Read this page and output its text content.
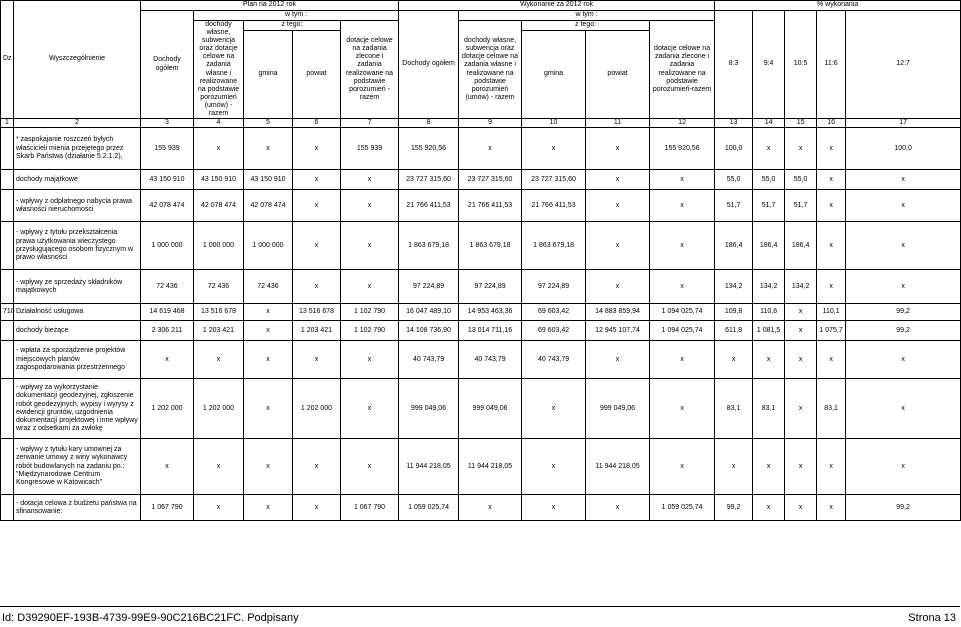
Dz	Wyszczególnienie	Plan na 2012 rok					Wykonanie za 2012 rok					% wykonania				
		Dochody ogółem	w tym :				Dochody ogółem	w tym :				8:3	9:4	10:5	11:6	12:7
			dochody własne, subwencja oraz dotacje celowe na zadania własne i realizowane na podstawie porozumień (umów) - razem	z tego:		dotacje celowe na zadania zlecone i zadania realizowane na podstawie porozumień - razem		dochody własne, subwencja oraz dotacje celowe na zadania własne i realizowane na podstawie porozumień (umów) - razem	z tego:		dotacje celowe na zadania zlecone i zadania realizowane na podstawie porozumień-razem					
				gmina	powiat				gmina	powiat						
1	2	3	4	5	6	7	8	9	10	11	12	13	14	15	16	17
	* zaspokajanie roszczeń byłych właścicieli mienia przejętego przez Skarb Państwa (działanie 5.2.1.2),	155 939	x	x	x	155 939	155 920,56	x	x	x	155 920,56	100,0	x	x	x	100,0
	dochody majątkowe	43 150 910	43 150 910	43 150 910	x	x	23 727 315,60	23 727 315,60	23 727 315,60	x	x	55,0	55,0	55,0	x	x
	- wpływy z odpłatnego nabycia prawa własności nieruchomości	42 078 474	42 078 474	42 078 474	x	x	21 766 411,53	21 766 411,53	21 766 411,53	x	x	51,7	51,7	51,7	x	x
	- wpływy z tytułu przekształcenia prawa użytkowania wieczystego przysługującego osobom fizycznym w prawo własności	1 000 000	1 000 000	1 000 000	x	x	1 863 679,18	1 863 679,18	1 863 679,18	x	x	186,4	186,4	186,4	x	x
	- wpływy ze sprzedaży składników majątkowych	72 436	72 436	72 436	x	x	97 224,89	97 224,89	97 224,89	x	x	134,2	134,2	134,2	x	x
710	Działalność usługowa	14 619 468	13 516 678	x	13 516 678	1 102 790	16 047 489,10	14 953 463,36	69 603,42	14 883 859,94	1 094 025,74	109,8	110,6	x	110,1	99,2
	dochody bieżące	2 306 211	1 203 421	x	1 203 421	1 102 790	14 108 736,90	13 014 711,16	69 603,42	12 945 107,74	1 094 025,74	611,8	1 081,5	x	1 075,7	99,2
	- wpłata za sporządzenie projektów miejscowych planów zagospodarowania przestrzennego	x	x	x	x	x	40 743,79	40 743,79	40 743,79	x	x	x	x	x	x	x
	- wpływy za wykorzystanie dokumentacji geodezyjnej, zgłoszenie robót geodezyjnych, wypisy i wyrysy z ewidencji gruntów, uzgodnienia dokumentacji projektowej i inne wpływy wraz z odsetkami za zwłokę	1 202 000	1 202 000	x	1 202 000	x	999 049,06	999 049,06	x	999 049,06	x	83,1	83,1	x	83,1	x
	- wpływy z tytułu kary umownej za zerwanie umowy z winy wykonawcy robót budowlanych na zadaniu pn.: "Międzynarodowe Centrum Kongresowe w Katowicach"	x	x	x	x	x	11 944 218,05	11 944 218,05	x	11 944 218,05	x	x	x	x	x	x
	- dotacja celowa z budżetu państwa na sfinansowanie:	1 067 790	x	x	x	1 067 790	1 059 025,74	x	x	x	1 059 025,74	99,2	x	x	x	99,2
Id: D39290EF-193B-4739-99E9-90C216BC21FC. Podpisany	Strona 13
